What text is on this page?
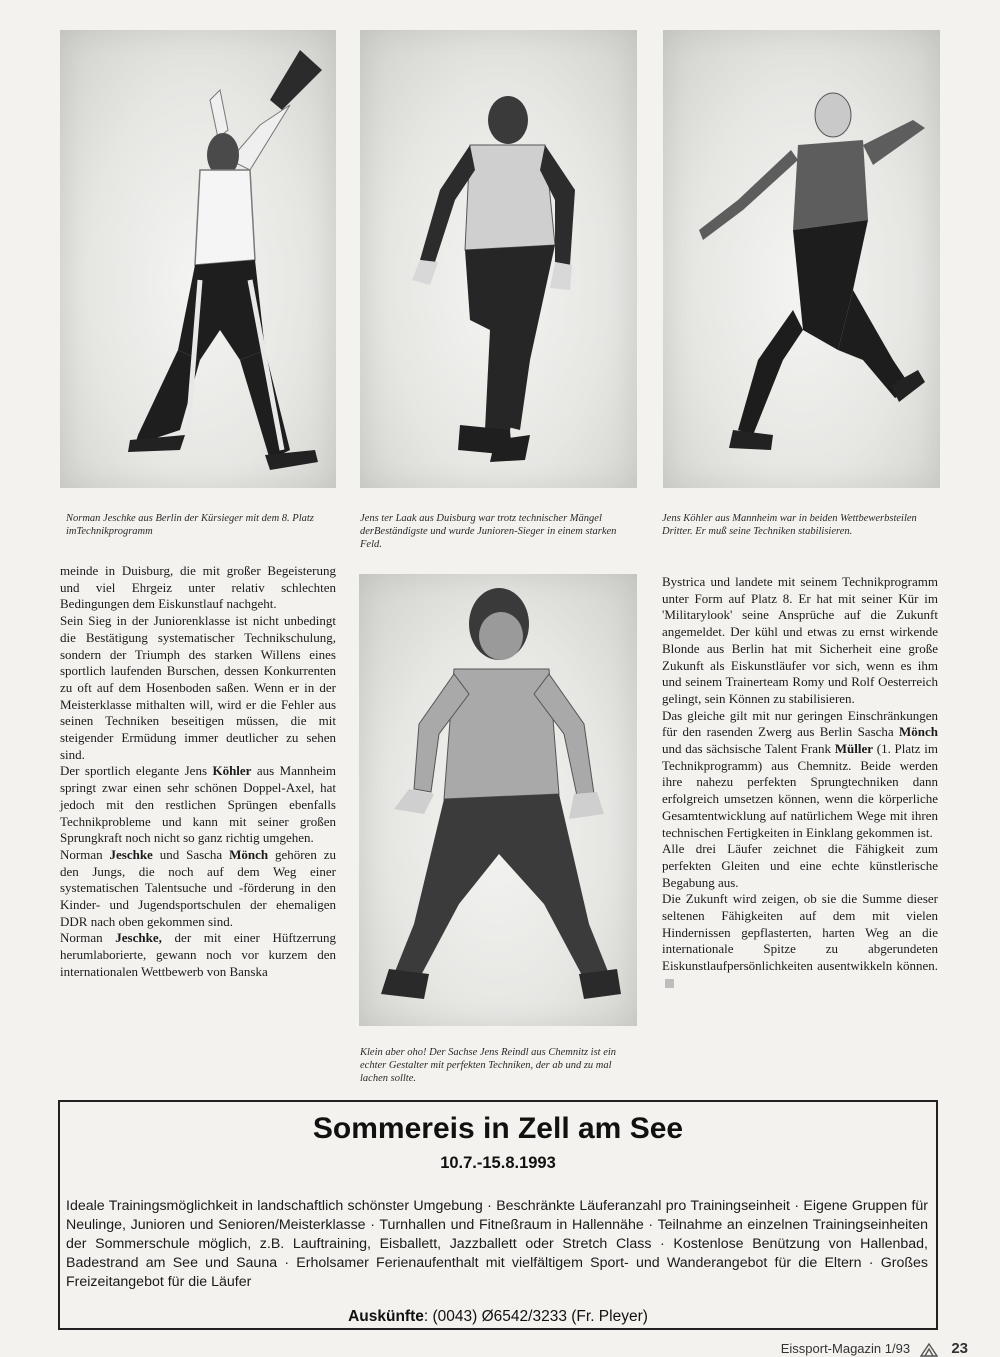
Norman Jeschke aus Berlin der Kürsieger mit dem 8. Platz imTechnikprogramm
Jens ter Laak aus Duisburg war trotz technischer Mängel derBeständigste und wurde Junioren-Sieger in einem starken Feld.
Jens Köhler aus Mannheim war in beiden Wettbewerbsteilen Dritter. Er muß seine Techniken stabilisieren.
Klein aber oho! Der Sachse Jens Reindl aus Chemnitz ist ein echter Gestalter mit perfekten Techniken, der ab und zu mal lachen sollte.

meinde in Duisburg, die mit großer Begeisterung und viel Ehrgeiz unter relativ schlechten Bedingungen dem Eiskunstlauf nachgeht.

Sein Sieg in der Juniorenklasse ist nicht unbedingt die Bestätigung systematischer Technikschulung, sondern der Triumph des starken Willens eines sportlich laufenden Burschen, dessen Konkurrenten zu oft auf dem Hosenboden saßen. Wenn er in der Meisterklasse mithalten will, wird er die Fehler aus seinen Techniken beseitigen müssen, die mit steigender Ermüdung immer deutlicher zu sehen sind.

Der sportlich elegante Jens Köhler aus Mannheim springt zwar einen sehr schönen Doppel-Axel, hat jedoch mit den restlichen Sprüngen ebenfalls Technikprobleme und kann mit seiner großen Sprungkraft noch nicht so ganz richtig umgehen.

Norman Jeschke und Sascha Mönch gehören zu den Jungs, die noch auf dem Weg einer systematischen Talentsuche und -förderung in den Kinder- und Jugendsportschulen der ehemaligen DDR nach oben gekommen sind.

Norman Jeschke, der mit einer Hüftzerrung herumlaborierte, gewann noch vor kurzem den internationalen Wettbewerb von Banska

Bystrica und landete mit seinem Technikprogramm unter Form auf Platz 8. Er hat mit seiner Kür im 'Militarylook' seine Ansprüche auf die Zukunft angemeldet. Der kühl und etwas zu ernst wirkende Blonde aus Berlin hat mit Sicherheit eine große Zukunft als Eiskunstläufer vor sich, wenn es ihm und seinem Trainerteam Romy und Rolf Oesterreich gelingt, sein Können zu stabilisieren.

Das gleiche gilt mit nur geringen Einschränkungen für den rasenden Zwerg aus Berlin Sascha Mönch und das sächsische Talent Frank Müller (1. Platz im Technikprogramm) aus Chemnitz. Beide werden ihre nahezu perfekten Sprungtechniken dann erfolgreich umsetzen können, wenn die körperliche Gesamtentwicklung auf natürlichem Wege mit ihren technischen Fertigkeiten in Einklang gekommen ist.

Alle drei Läufer zeichnet die Fähigkeit zum perfekten Gleiten und eine echte künstlerische Begabung aus.

Die Zukunft wird zeigen, ob sie die Summe dieser seltenen Fähigkeiten auf dem mit vielen Hindernissen gepflasterten, harten Weg an die internationale Spitze zu abgerundeten Eiskunstlaufpersönlichkeiten ausentwikkeln können.

Sommereis in Zell am See
10.7.-15.8.1993
Ideale Trainingsmöglichkeit in landschaftlich schönster Umgebung · Beschränkte Läuferanzahl pro Trainingseinheit · Eigene Gruppen für Neulinge, Junioren und Senioren/Meisterklasse · Turnhallen und Fitneßraum in Hallennähe · Teilnahme an einzelnen Trainingseinheiten der Sommerschule möglich, z.B. Lauftraining, Eisballett, Jazzballett oder Stretch Class · Kostenlose Benützung von Hallenbad, Badestrand am See und Sauna · Erholsamer Ferienaufenthalt mit vielfältigem Sport- und Wanderangebot für die Eltern · Großes Freizeitangebot für die Läufer
Auskünfte: (0043) Ø6542/3233 (Fr. Pleyer)
Eissport-Magazin 1/93	23
